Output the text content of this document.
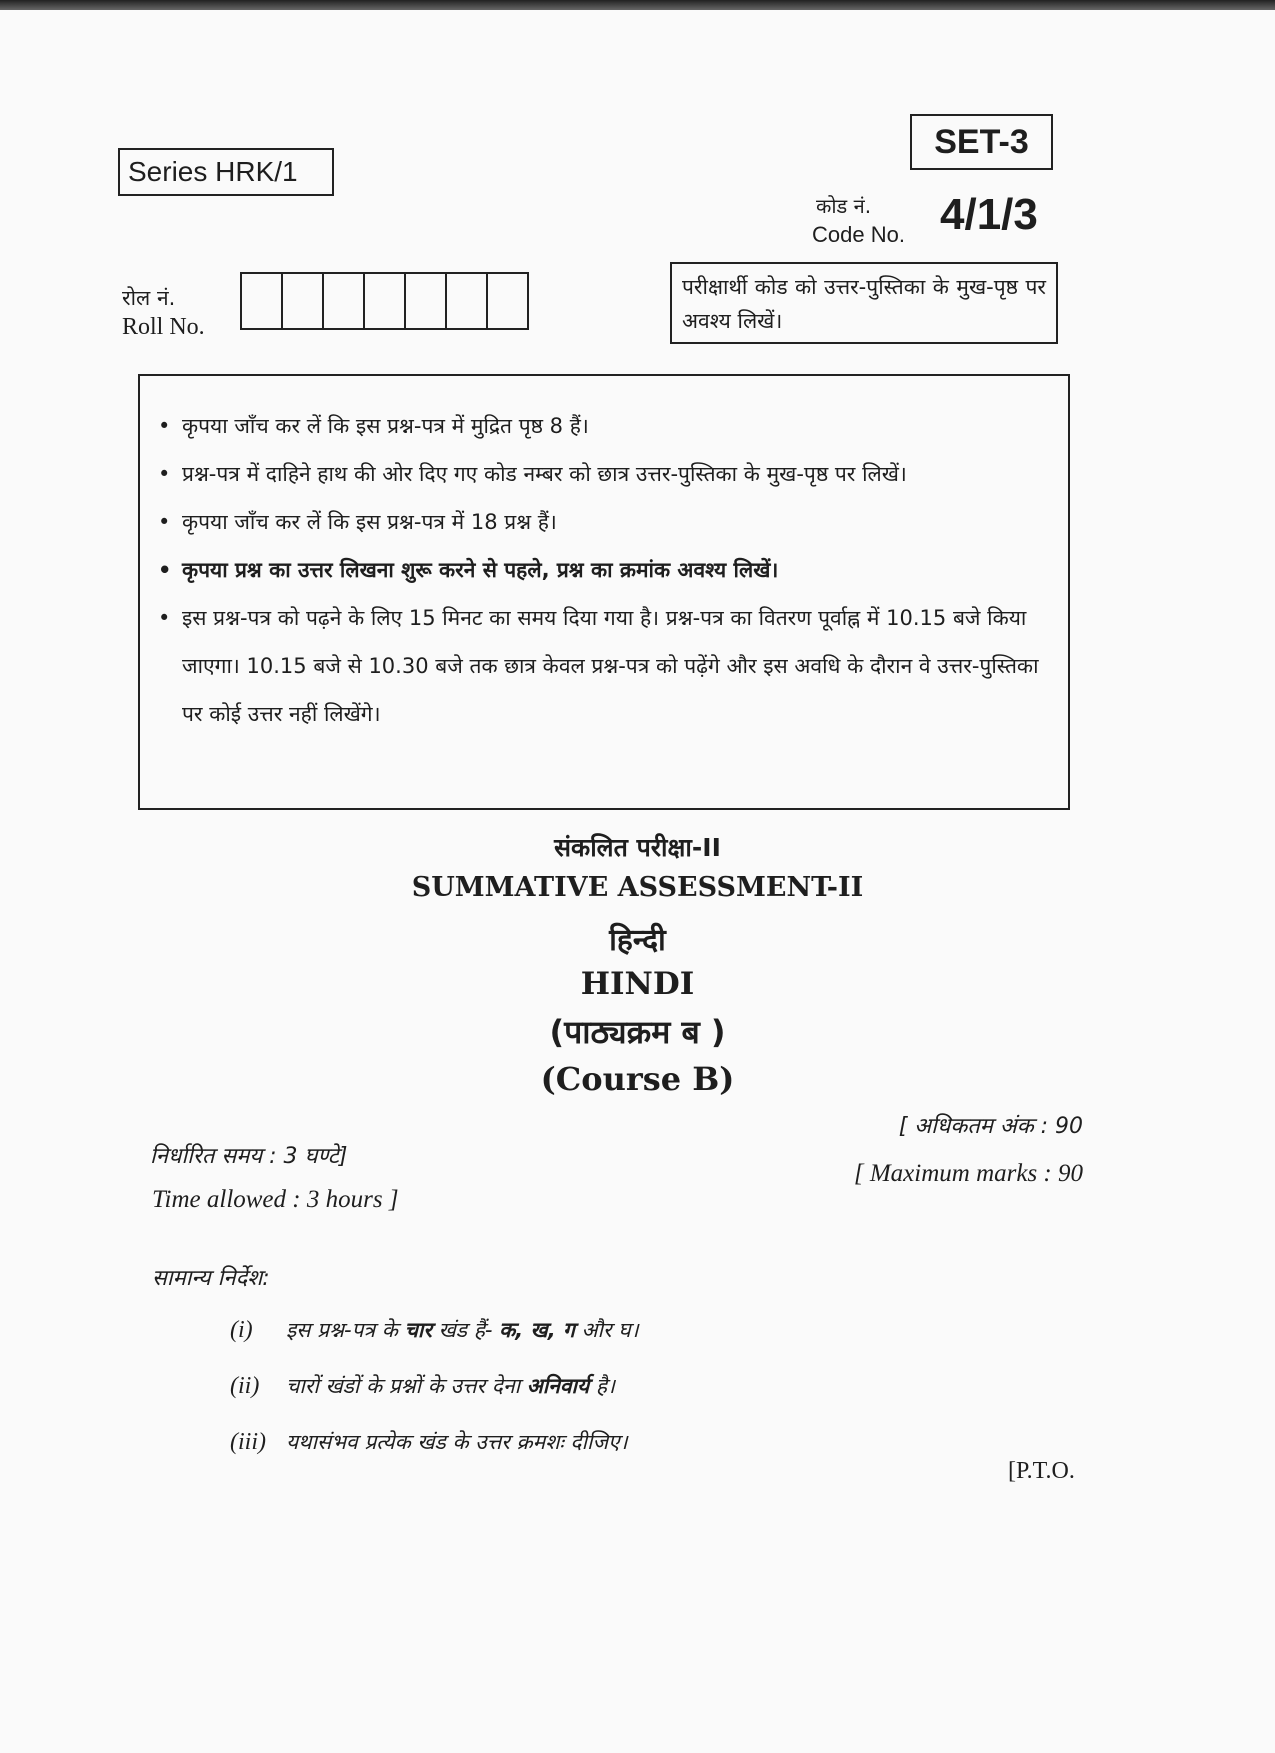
Series HRK/1
SET-3
कोड नं.
Code No. 4/1/3
रोल नं.
Roll No.
परीक्षार्थी कोड को उत्तर-पुस्तिका के मुख-पृष्ठ पर अवश्य लिखें।

• कृपया जाँच कर लें कि इस प्रश्न-पत्र में मुद्रित पृष्ठ 8 हैं।

• प्रश्न-पत्र में दाहिने हाथ की ओर दिए गए कोड नम्बर को छात्र उत्तर-पुस्तिका के मुख-पृष्ठ पर लिखें।

• कृपया जाँच कर लें कि इस प्रश्न-पत्र में 18 प्रश्न हैं।

• कृपया प्रश्न का उत्तर लिखना शुरू करने से पहले, प्रश्न का क्रमांक अवश्य लिखें।

• इस प्रश्न-पत्र को पढ़ने के लिए 15 मिनट का समय दिया गया है। प्रश्न-पत्र का वितरण पूर्वाह्न में 10.15 बजे किया जाएगा। 10.15 बजे से 10.30 बजे तक छात्र केवल प्रश्न-पत्र को पढ़ेंगे और इस अवधि के दौरान वे उत्तर-पुस्तिका पर कोई उत्तर नहीं लिखेंगे।

संकलित परीक्षा-II
SUMMATIVE ASSESSMENT-II
हिन्दी
HINDI
(पाठ्यक्रम ब )
(Course B)
निर्धारित समय : 3 घण्टे]
Time allowed : 3 hours ]
[ अधिकतम अंक : 90
[ Maximum marks : 90
सामान्य निर्देश:
(i)	इस प्रश्न-पत्र के चार खंड हैं- क, ख, ग और घ।
(ii)	चारों खंडों के प्रश्नों के उत्तर देना अनिवार्य है।
(iii) यथासंभव प्रत्येक खंड के उत्तर क्रमशः दीजिए।
[P.T.O.
